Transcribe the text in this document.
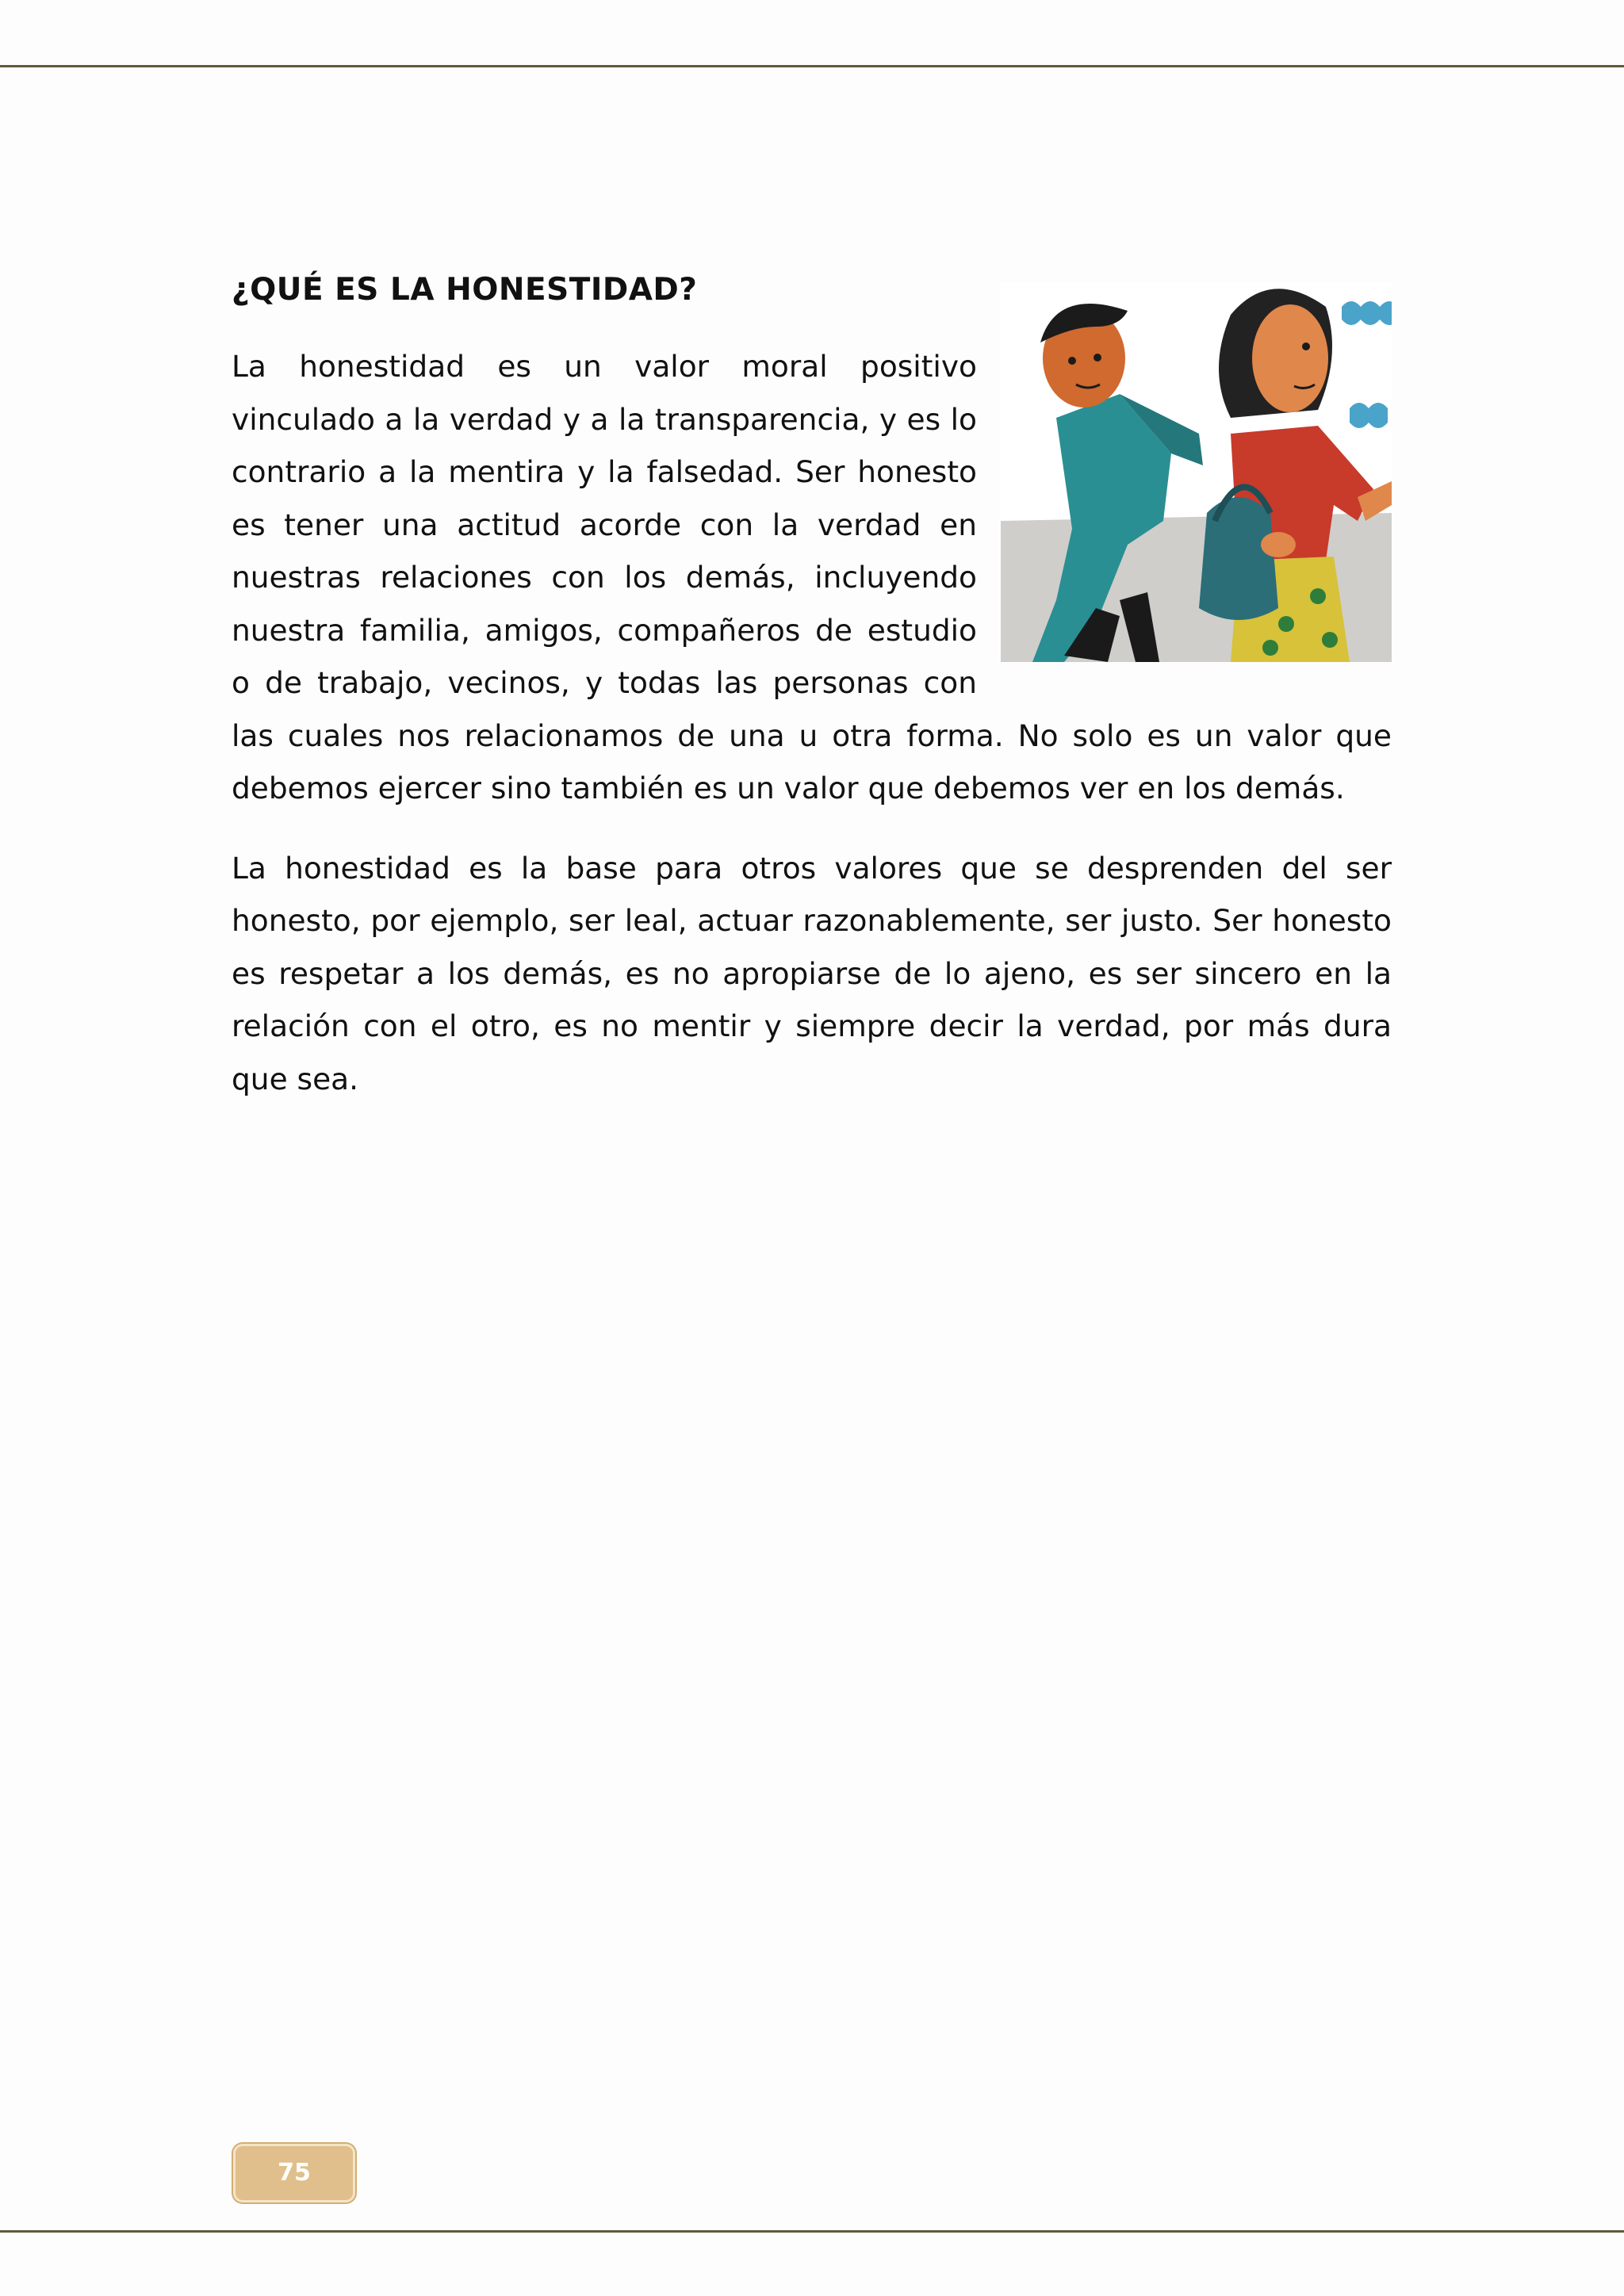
¿QUÉ ES LA HONESTIDAD?

La honestidad es un valor moral positivo vinculado a la verdad y a la transparencia, y es lo contrario a la mentira y la falsedad. Ser honesto es tener una actitud acorde con la verdad en nuestras relaciones con los demás, incluyendo nuestra familia, amigos, compañeros de estudio o de trabajo, vecinos, y todas las personas con las cuales nos relacionamos de una u otra forma. No solo es un valor que debemos ejercer sino también es un valor que debemos ver en los demás.

La honestidad es la base para otros valores que se desprenden del ser honesto, por ejemplo, ser leal, actuar razonablemente, ser justo. Ser honesto es respetar a los demás, es no apropiarse de lo ajeno, es ser sincero en la relación con el otro, es no mentir y siempre decir la verdad, por más dura que sea.

75
